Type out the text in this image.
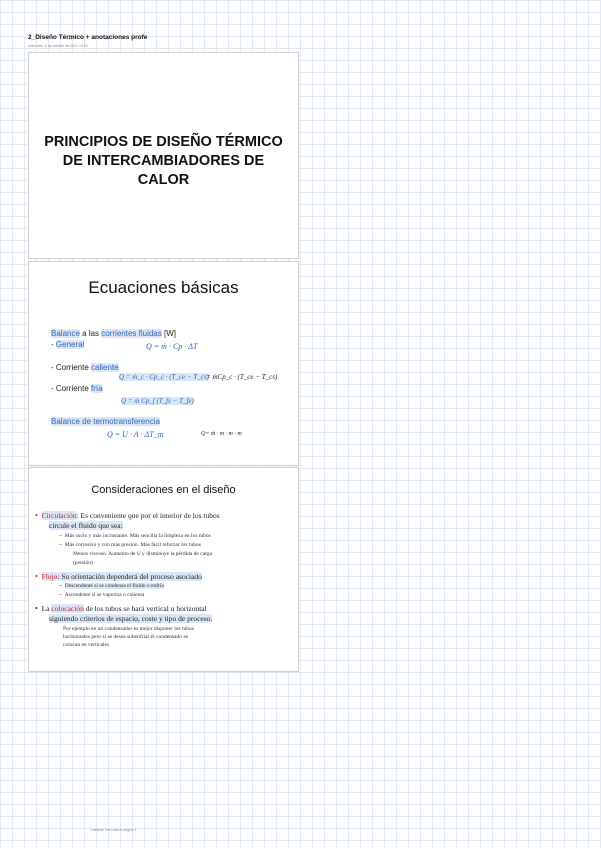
2_Diseño Térmico + anotaciones profe
miércoles, 6 de octubre de 2021 12:00
PRINCIPIOS DE DISEÑO TÉRMICO
DE INTERCAMBIADORES DE
CALOR
Ecuaciones básicas
Balance a las corrientes fluidas [W]
- General	Q = ṁ · Cp · ΔT
- Corriente caliente
Q = ṁ_c · Cp_c · (T_ce − T_cs)
= ṁCp_c · (T_ce − T_cs)
- Corriente fría
Q = ṁ Cp_f (T_fs − T_fe)
Balance de termotransferencia
Q = U · A · ΔT_m	Q= ṁ · m · m · m
Consideraciones en el diseño
• Circulación: Es conveniente que por el interior de los tubos
circule el fluido que sea:
– Más sucio y más incrustante. Más sencilla la limpieza en los tubos
– Más corrosivo y con más presión. Más fácil reforzar los tubos
Menos viscoso. Aumento de U y disminuye la pérdida de carga
(presión)
• Flujo: Su orientación dependerá del proceso asociado
– Descendente si se condensa el fluido o enfría
– Ascendente si se vaporiza o calienta
• La colocación de los tubos se hará vertical u horizontal
siguiendo criterios de espacio, coste y tipo de proceso.
Por ejemplo en un condensador es mejor disponer los tubos
horizontales pero si se desea subenfriar el condensado se
colocan en verticales
OneNote Tab Lateral página 1
